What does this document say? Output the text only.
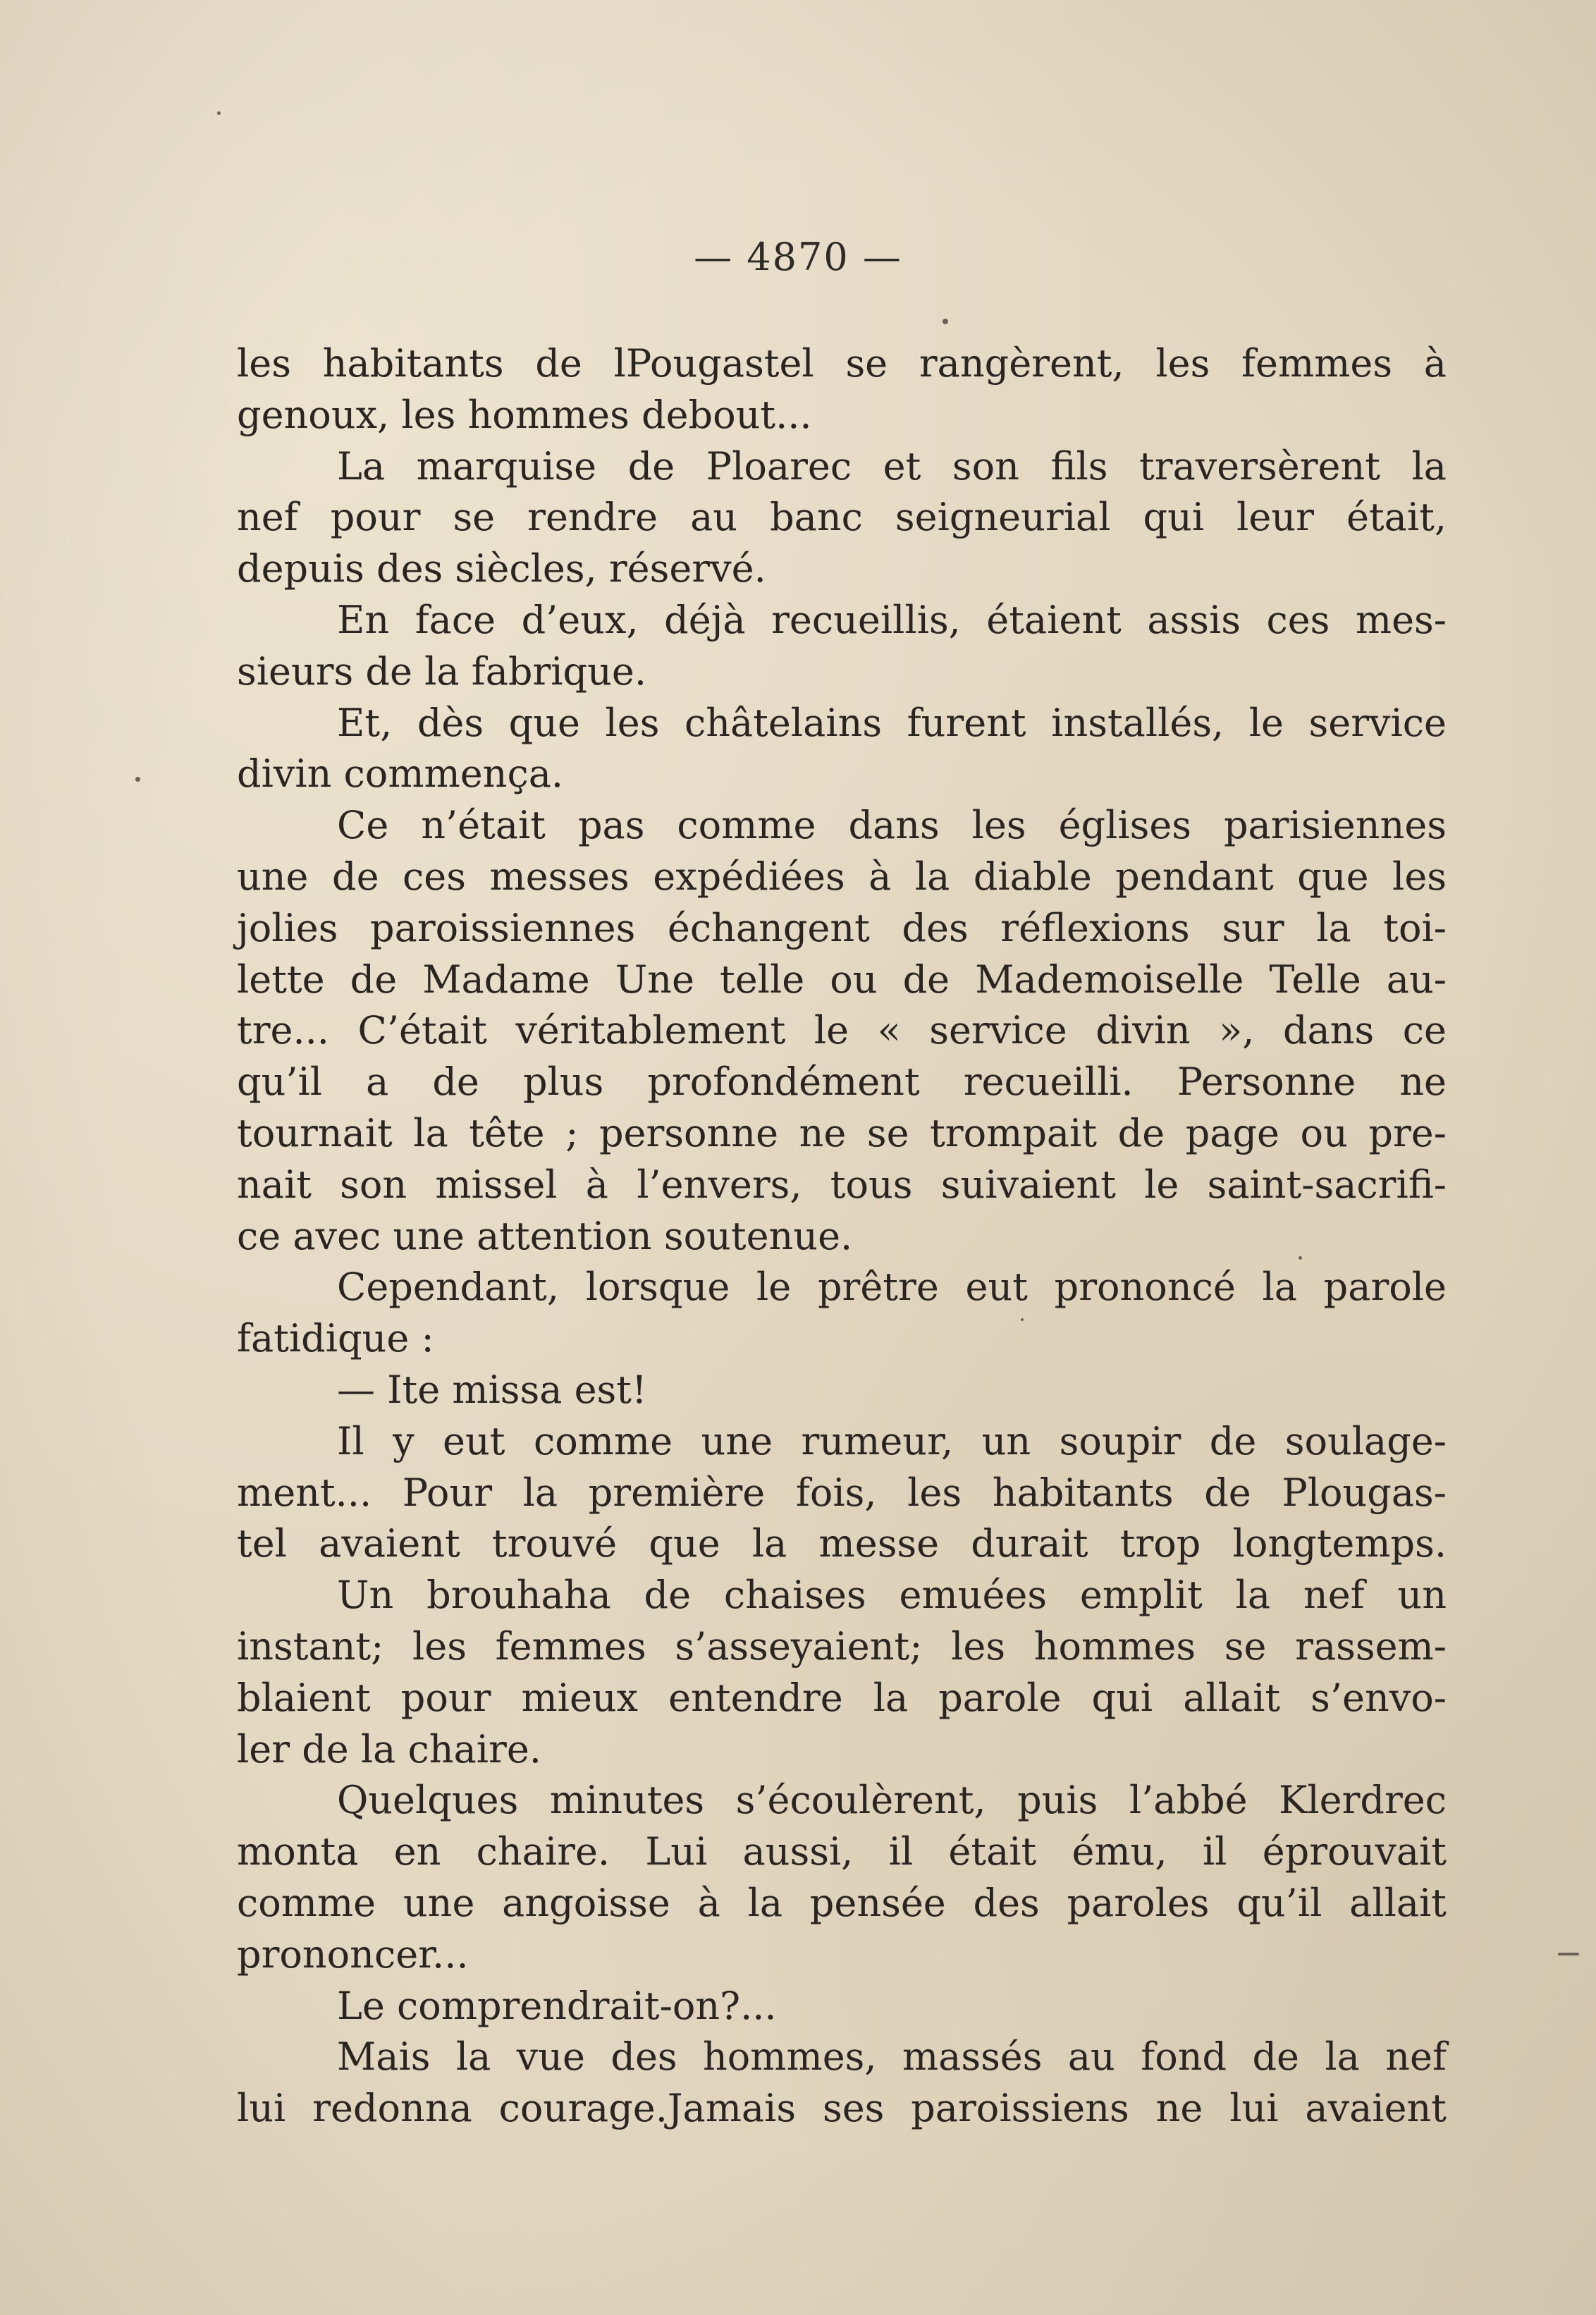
— 4870 —
les habitants de lPougastel se rangèrent, les femmes à
genoux, les hommes debout...
La marquise de Ploarec et son fils traversèrent la
nef pour se rendre au banc seigneurial qui leur était,
depuis des siècles, réservé.
En face d’eux, déjà recueillis, étaient assis ces mes-
sieurs de la fabrique.
Et, dès que les châtelains furent installés, le service
divin commença.
Ce n’était pas comme dans les églises parisiennes
une de ces messes expédiées à la diable pendant que les
jolies paroissiennes échangent des réflexions sur la toi-
lette de Madame Une telle ou de Mademoiselle Telle au-
tre... C’était véritablement le « service divin », dans ce
qu’il a de plus profondément recueilli. Personne ne
tournait la tête ; personne ne se trompait de page ou pre-
nait son missel à l’envers, tous suivaient le saint-sacrifi-
ce avec une attention soutenue.
Cependant, lorsque le prêtre eut prononcé la parole
fatidique :
— Ite missa est!
Il y eut comme une rumeur, un soupir de soulage-
ment... Pour la première fois, les habitants de Plougas-
tel avaient trouvé que la messe durait trop longtemps.
Un brouhaha de chaises emuées emplit la nef un
instant; les femmes s’asseyaient; les hommes se rassem-
blaient pour mieux entendre la parole qui allait s’envo-
ler de la chaire.
Quelques minutes s’écoulèrent, puis l’abbé Klerdrec
monta en chaire. Lui aussi, il était ému, il éprouvait
comme une angoisse à la pensée des paroles qu’il allait
prononcer...
Le comprendrait-on?...
Mais la vue des hommes, massés au fond de la nef
lui redonna courage.Jamais ses paroissiens ne lui avaient
